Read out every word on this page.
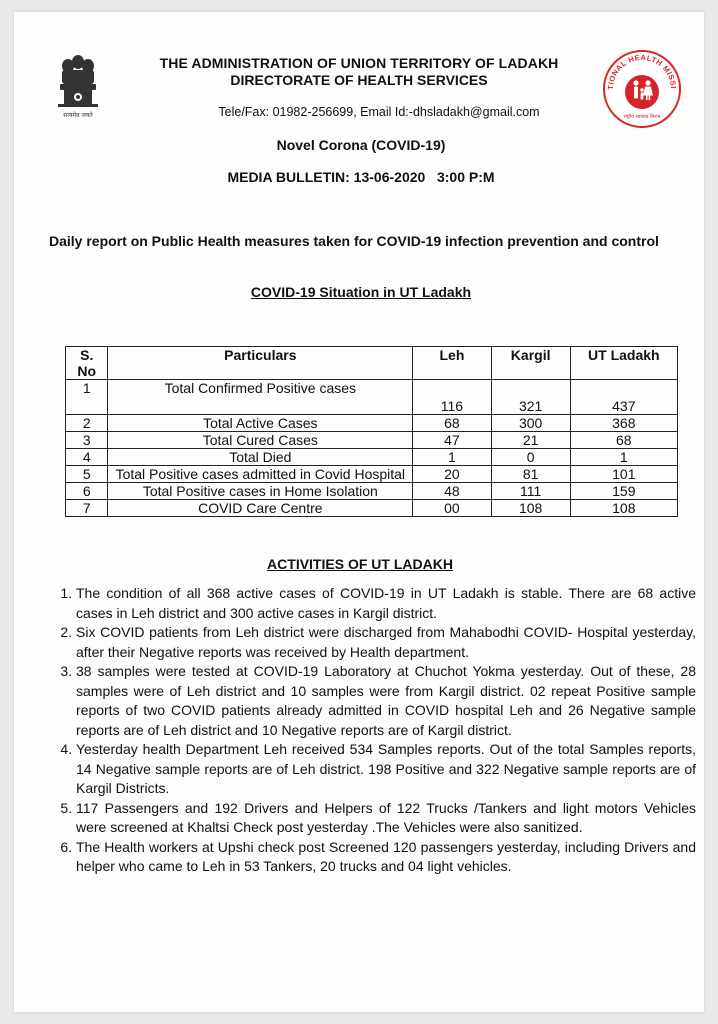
सत्यमेव जयते
TIONAL HEALTH MISSI
राष्ट्रीय स्वास्थ्य मिशन
THE ADMINISTRATION OF UNION TERRITORY OF LADAKH
DIRECTORATE OF HEALTH SERVICES
Tele/Fax: 01982-256699, Email Id:-dhsladakh@gmail.com
Novel Corona (COVID-19)
MEDIA BULLETIN: 13-06-2020   3:00 P:M
Daily report on Public Health measures taken for COVID-19 infection prevention and control
COVID-19 Situation in UT Ladakh
S. No	Particulars	Leh	Kargil	UT Ladakh
1	Total Confirmed Positive cases	116	321	437
2	Total Active Cases	68	300	368
3	Total Cured Cases	47	21	68
4	Total Died	1	0	1
5	Total Positive cases admitted in Covid Hospital	20	81	101
6	Total Positive cases in Home Isolation	48	111	159
7	COVID Care Centre	00	108	108
ACTIVITIES OF UT LADAKH
1. The condition of all 368 active cases of COVID-19 in UT Ladakh is stable. There are 68 active cases in Leh district and 300 active cases in Kargil district.
2. Six COVID patients from Leh district were discharged from Mahabodhi COVID- Hospital yesterday, after their Negative reports was received by Health department.
3. 38 samples were tested at COVID-19 Laboratory at Chuchot Yokma yesterday. Out of these, 28 samples were of Leh district and 10 samples were from Kargil district. 02 repeat Positive sample reports of two COVID patients already admitted in COVID hospital Leh and 26 Negative sample reports are of Leh district and 10 Negative reports are of Kargil district.
4. Yesterday health Department Leh received 534 Samples reports. Out of the total Samples reports, 14 Negative sample reports are of Leh district. 198 Positive and 322 Negative sample reports are of Kargil Districts.
5. 117 Passengers and 192 Drivers and Helpers of 122 Trucks /Tankers and light motors Vehicles were screened at Khaltsi Check post yesterday .The Vehicles were also sanitized.
6. The Health workers at Upshi check post Screened 120 passengers yesterday, including Drivers and helper who came to Leh in 53 Tankers, 20 trucks and 04 light vehicles.
